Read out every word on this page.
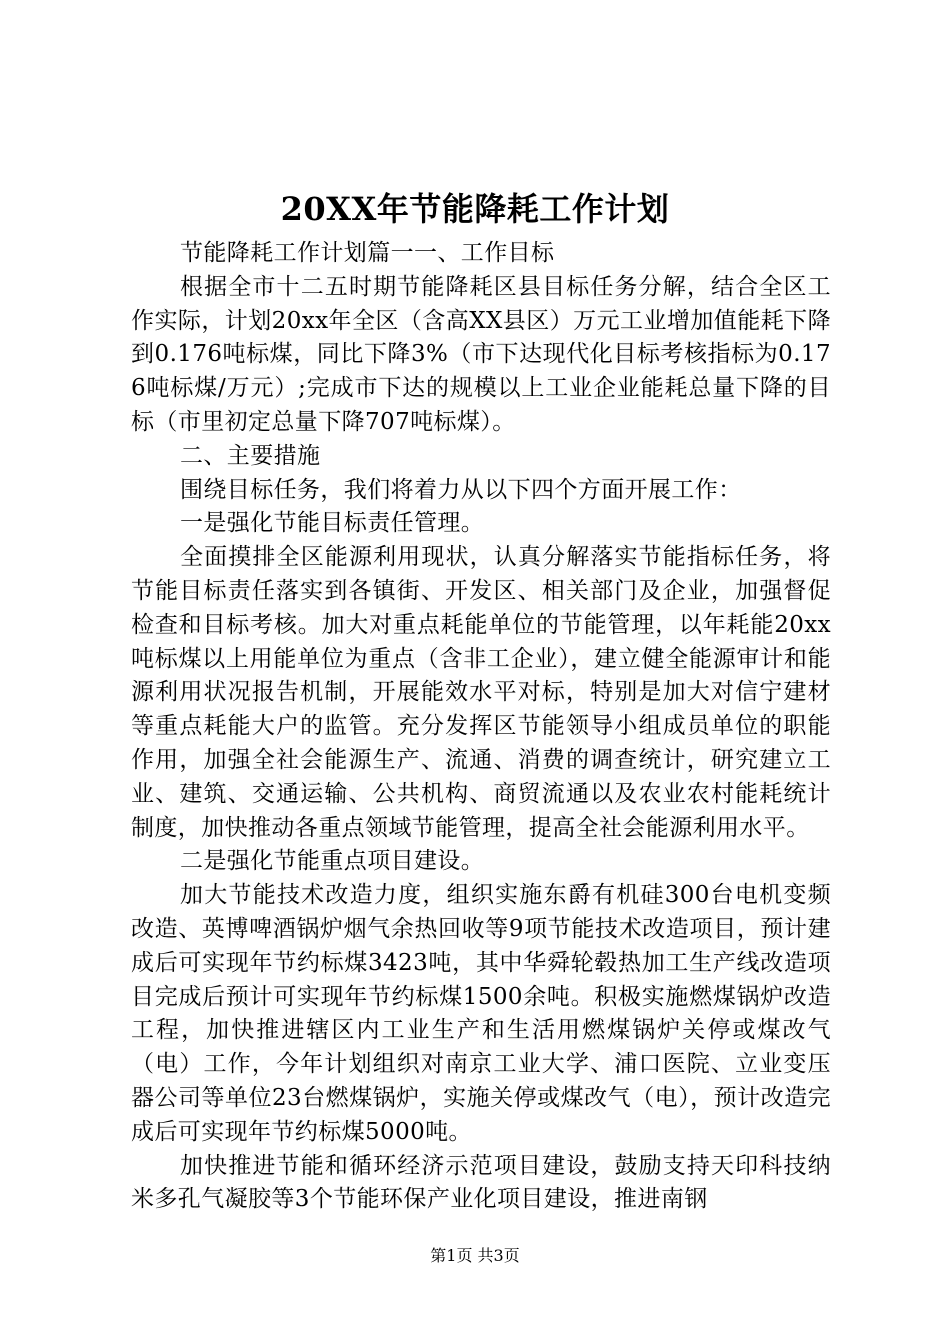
20XX年节能降耗工作计划

节能降耗工作计划篇一一、工作目标

根据全市十二五时期节能降耗区县目标任务分解，结合全区工作实际，计划20xx年全区（含高XX县区）万元工业增加值能耗下降到0.176吨标煤，同比下降3%（市下达现代化目标考核指标为0.176吨标煤/万元）;完成市下达的规模以上工业企业能耗总量下降的目标（市里初定总量下降707吨标煤）。

二、主要措施

围绕目标任务，我们将着力从以下四个方面开展工作：

一是强化节能目标责任管理。

全面摸排全区能源利用现状，认真分解落实节能指标任务，将节能目标责任落实到各镇街、开发区、相关部门及企业，加强督促检查和目标考核。加大对重点耗能单位的节能管理，以年耗能20xx吨标煤以上用能单位为重点（含非工企业），建立健全能源审计和能源利用状况报告机制，开展能效水平对标，特别是加大对信宁建材等重点耗能大户的监管。充分发挥区节能领导小组成员单位的职能作用，加强全社会能源生产、流通、消费的调查统计，研究建立工业、建筑、交通运输、公共机构、商贸流通以及农业农村能耗统计制度，加快推动各重点领域节能管理，提高全社会能源利用水平。

二是强化节能重点项目建设。

加大节能技术改造力度，组织实施东爵有机硅300台电机变频改造、英博啤酒锅炉烟气余热回收等9项节能技术改造项目，预计建成后可实现年节约标煤3423吨，其中华舜轮毂热加工生产线改造项目完成后预计可实现年节约标煤1500余吨。积极实施燃煤锅炉改造工程，加快推进辖区内工业生产和生活用燃煤锅炉关停或煤改气（电）工作，今年计划组织对南京工业大学、浦口医院、立业变压器公司等单位23台燃煤锅炉，实施关停或煤改气（电），预计改造完成后可实现年节约标煤5000吨。

加快推进节能和循环经济示范项目建设，鼓励支持天印科技纳米多孔气凝胶等3个节能环保产业化项目建设，推进南钢

第1页 共3页
